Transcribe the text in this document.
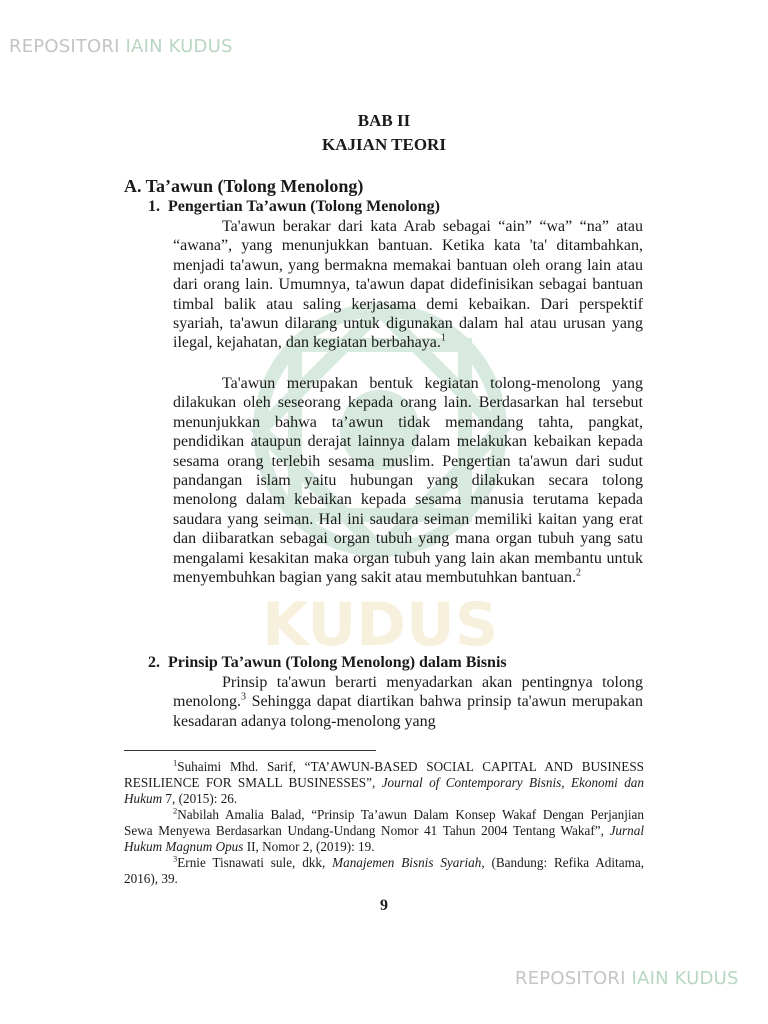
REPOSITORI IAIN KUDUS
KUDUS
BAB II
KAJIAN TEORI
A. Ta’awun (Tolong Menolong)
1.  Pengertian Ta’awun (Tolong Menolong)

Ta'awun berakar dari kata Arab sebagai “ain” “wa” “na” atau “awana”, yang menunjukkan bantuan. Ketika kata 'ta' ditambahkan, menjadi ta'awun, yang bermakna memakai bantuan oleh orang lain atau dari orang lain. Umumnya, ta'awun dapat didefinisikan sebagai bantuan timbal balik atau saling kerjasama demi kebaikan. Dari perspektif syariah, ta'awun dilarang untuk digunakan dalam hal atau urusan yang ilegal, kejahatan, dan kegiatan berbahaya.$^1$

Ta'awun merupakan bentuk kegiatan tolong-menolong yang dilakukan oleh seseorang kepada orang lain. Berdasarkan hal tersebut menunjukkan bahwa ta’awun tidak memandang tahta, pangkat, pendidikan ataupun derajat lainnya dalam melakukan kebaikan kepada sesama orang terlebih sesama muslim. Pengertian ta'awun dari sudut pandangan islam yaitu hubungan yang dilakukan secara tolong menolong dalam kebaikan kepada sesama manusia terutama kepada saudara yang seiman. Hal ini saudara seiman memiliki kaitan yang erat dan diibaratkan sebagai organ tubuh yang mana organ tubuh yang satu mengalami kesakitan maka organ tubuh yang lain akan membantu untuk menyembuhkan bagian yang sakit atau membutuhkan bantuan.$^2$

2.  Prinsip Ta’awun (Tolong Menolong) dalam Bisnis

Prinsip ta'awun berarti menyadarkan akan pentingnya tolong menolong.$^3$ Sehingga dapat diartikan bahwa prinsip ta'awun merupakan kesadaran adanya tolong-menolong yang

$^1$Suhaimi Mhd. Sarif, “TA’AWUN-BASED SOCIAL CAPITAL AND BUSINESS RESILIENCE FOR SMALL BUSINESSES”, Journal of Contemporary Bisnis, Ekonomi dan Hukum 7, (2015): 26.

$^2$Nabilah Amalia Balad, “Prinsip Ta’awun Dalam Konsep Wakaf Dengan Perjanjian Sewa Menyewa Berdasarkan Undang-Undang Nomor 41 Tahun 2004 Tentang Wakaf”, Jurnal Hukum Magnum Opus II, Nomor 2, (2019): 19.

$^3$Ernie Tisnawati sule, dkk, Manajemen Bisnis Syariah, (Bandung: Refika Aditama, 2016), 39.

9
REPOSITORI IAIN KUDUS
